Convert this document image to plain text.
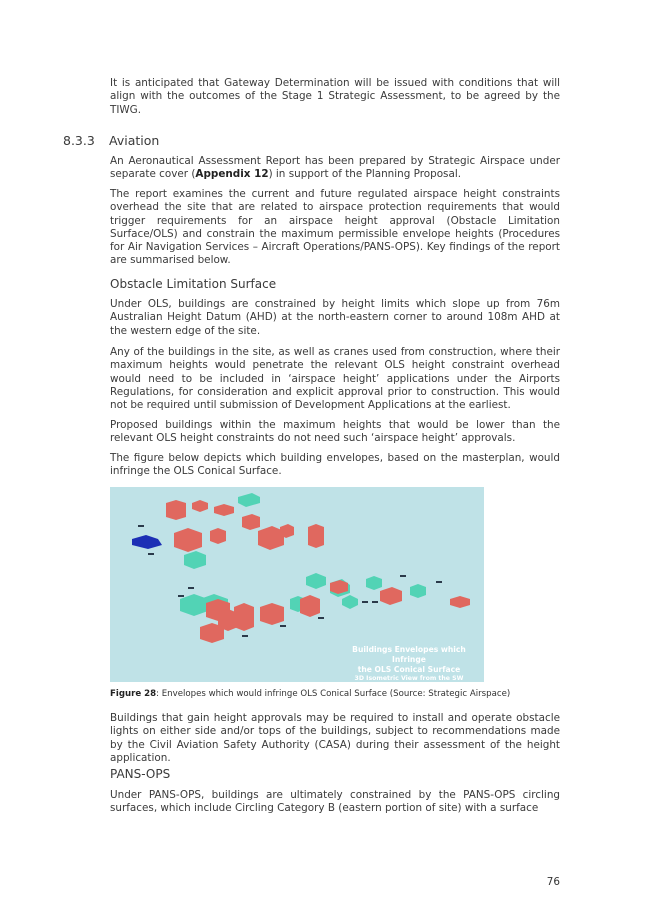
It is anticipated that Gateway Determination will be issued with conditions that will align with the outcomes of the Stage 1 Strategic Assessment, to be agreed by the TIWG.

8.3.3 Aviation

An Aeronautical Assessment Report has been prepared by Strategic Airspace under separate cover (Appendix 12) in support of the Planning Proposal.

The report examines the current and future regulated airspace height constraints overhead the site that are related to airspace protection requirements that would trigger requirements for an airspace height approval (Obstacle Limitation Surface/OLS) and constrain the maximum permissible envelope heights (Procedures for Air Navigation Services – Aircraft Operations/PANS-OPS). Key findings of the report are summarised below.

Obstacle Limitation Surface

Under OLS, buildings are constrained by height limits which slope up from 76m Australian Height Datum (AHD) at the north-eastern corner to around 108m AHD at the western edge of the site.

Any of the buildings in the site, as well as cranes used from construction, where their maximum heights would penetrate the relevant OLS height constraint overhead would need to be included in ‘airspace height’ applications under the Airports Regulations, for consideration and explicit approval prior to construction. This would not be required until submission of Development Applications at the earliest.

Proposed buildings within the maximum heights that would be lower than the relevant OLS height constraints do not need such ‘airspace height’ approvals.

The figure below depicts which building envelopes, based on the masterplan, would infringe the OLS Conical Surface.

Buildings Envelopes which Infringe
the OLS Conical Surface
3D Isometric View from the SW
Figure 28: Envelopes which would infringe OLS Conical Surface (Source: Strategic Airspace)

Buildings that gain height approvals may be required to install and operate obstacle lights on either side and/or tops of the buildings, subject to recommendations made by the Civil Aviation Safety Authority (CASA) during their assessment of the height application.

PANS-OPS

Under PANS-OPS, buildings are ultimately constrained by the PANS-OPS circling surfaces, which include Circling Category B (eastern portion of site) with a surface

76
